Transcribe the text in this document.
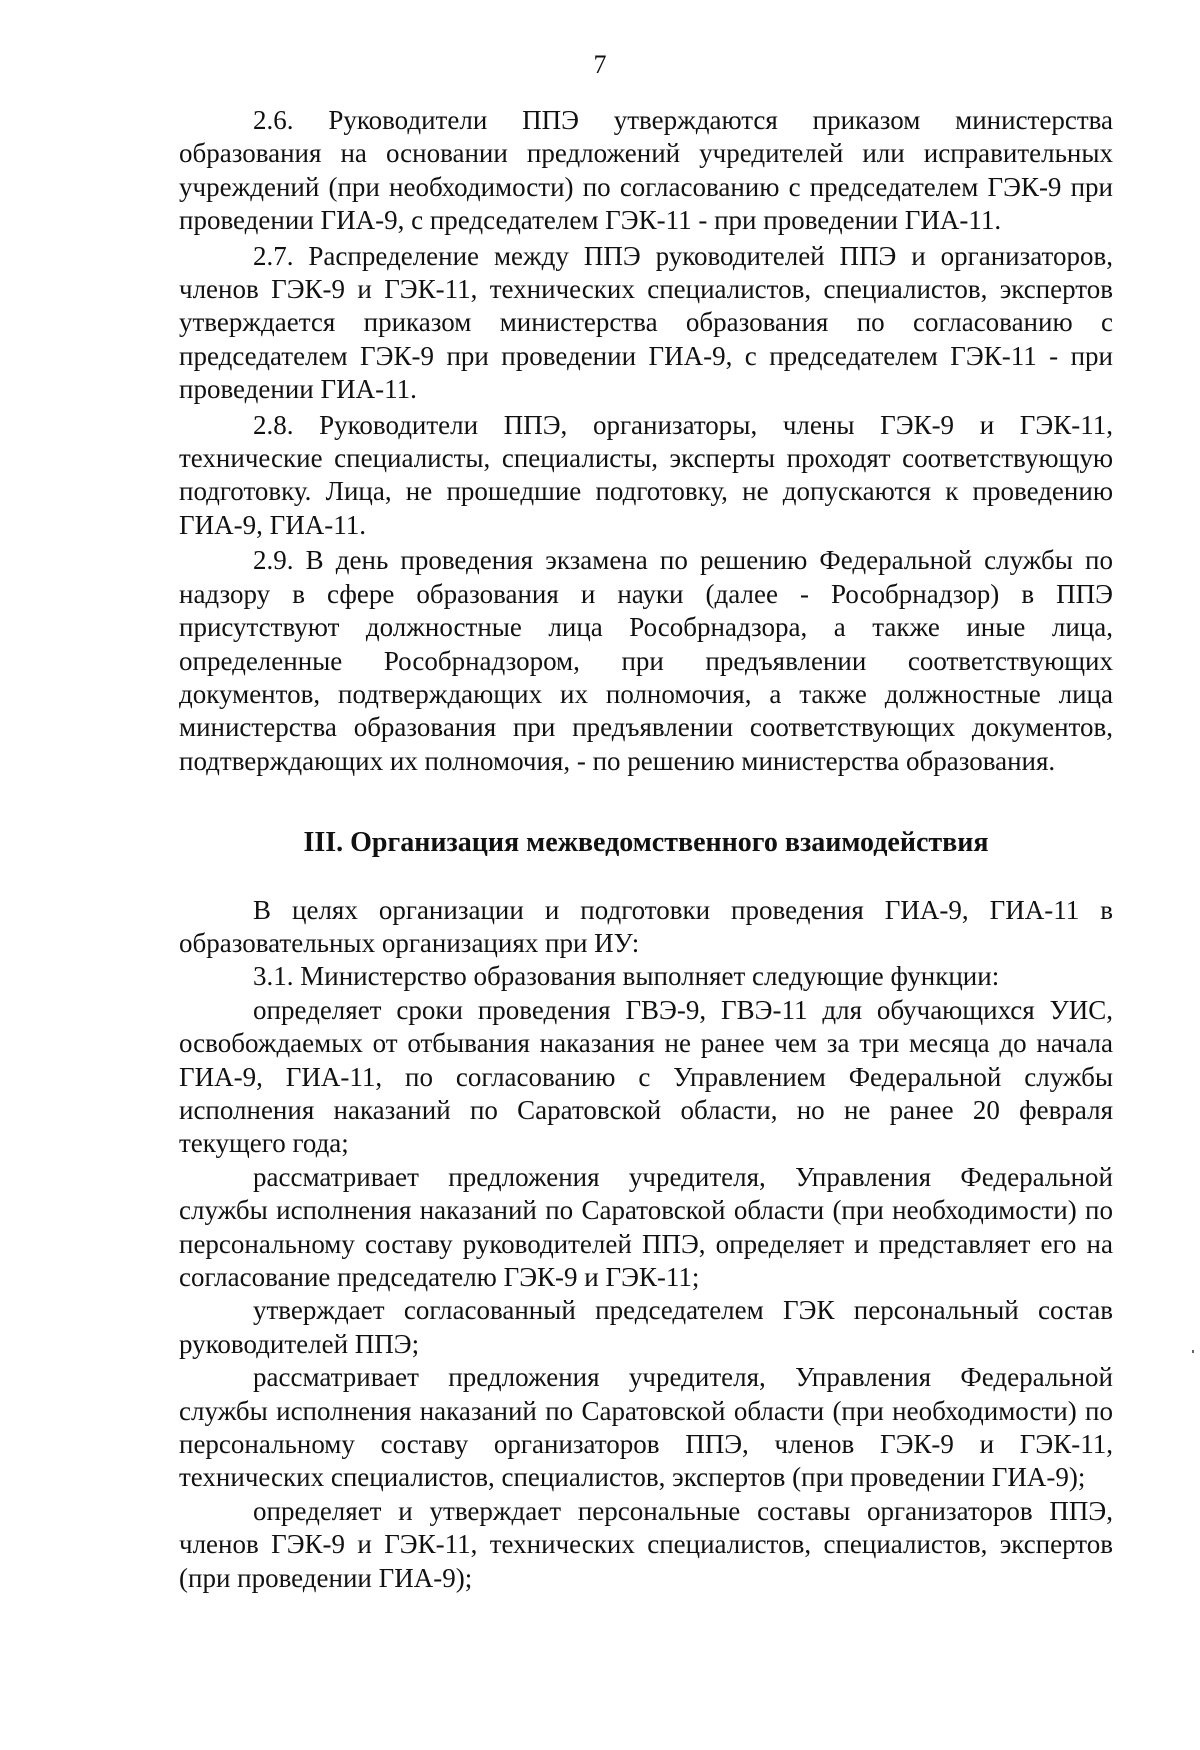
7

2.6. Руководители ППЭ утверждаются приказом министерства образования на основании предложений учредителей или исправительных учреждений (при необходимости) по согласованию с председателем ГЭК-9 при проведении ГИА-9, с председателем ГЭК-11 - при проведении ГИА-11.

2.7. Распределение между ППЭ руководителей ППЭ и организаторов, членов ГЭК-9 и ГЭК-11, технических специалистов, специалистов, экспертов утверждается приказом министерства образования по согласованию с председателем ГЭК-9 при проведении ГИА-9, с председателем ГЭК-11 - при проведении ГИА-11.

2.8. Руководители ППЭ, организаторы, члены ГЭК-9 и ГЭК-11, технические специалисты, специалисты, эксперты проходят соответствующую подготовку. Лица, не прошедшие подготовку, не допускаются к проведению ГИА-9, ГИА-11.

2.9. В день проведения экзамена по решению Федеральной службы по надзору в сфере образования и науки (далее - Рособрнадзор) в ППЭ присутствуют должностные лица Рособрнадзора, а также иные лица, определенные Рособрнадзором, при предъявлении соответствующих документов, подтверждающих их полномочия, а также должностные лица министерства образования при предъявлении соответствующих документов, подтверждающих их полномочия, - по решению министерства образования.

III. Организация межведомственного взаимодействия

В целях организации и подготовки проведения ГИА-9, ГИА-11 в образовательных организациях при ИУ:

3.1. Министерство образования выполняет следующие функции:

определяет сроки проведения ГВЭ-9, ГВЭ-11 для обучающихся УИС, освобождаемых от отбывания наказания не ранее чем за три месяца до начала ГИА-9, ГИА-11, по согласованию с Управлением Федеральной службы исполнения наказаний по Саратовской области, но не ранее 20 февраля текущего года;

рассматривает предложения учредителя, Управления Федеральной службы исполнения наказаний по Саратовской области (при необходимости) по персональному составу руководителей ППЭ, определяет и представляет его на согласование председателю ГЭК-9 и ГЭК-11;

утверждает согласованный председателем ГЭК персональный состав руководителей ППЭ;

рассматривает предложения учредителя, Управления Федеральной службы исполнения наказаний по Саратовской области (при необходимости) по персональному составу организаторов ППЭ, членов ГЭК-9 и ГЭК-11, технических специалистов, специалистов, экспертов (при проведении ГИА-9);

определяет и утверждает персональные составы организаторов ППЭ, членов ГЭК-9 и ГЭК-11, технических специалистов, специалистов, экспертов (при проведении ГИА-9);
